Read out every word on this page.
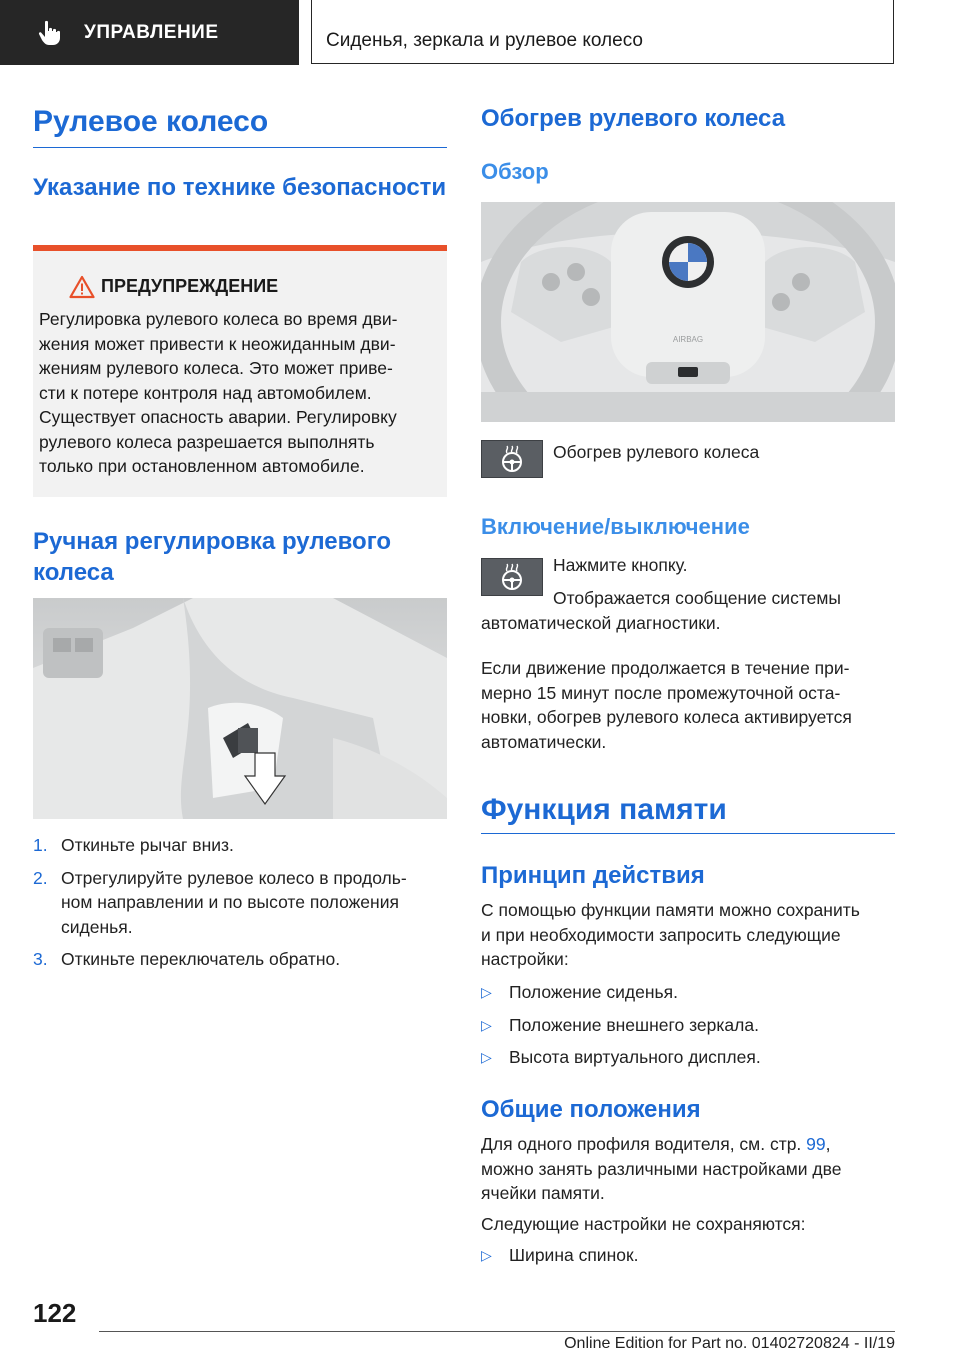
УПРАВЛЕНИЕ	Сиденья, зеркала и рулевое колесо
Рулевое колесо
Указание по технике безопасности
ПРЕДУПРЕЖДЕНИЕ
Регулировка рулевого колеса во время дви-
жения может привести к неожиданным дви-
жениям рулевого колеса. Это может приве-
сти к потере контроля над автомобилем.
Существует опасность аварии. Регулировку
рулевого колеса разрешается выполнять
только при остановленном автомобиле.
Ручная регулировка рулевого
колеса
1. Откиньте рычаг вниз.
2. Отрегулируйте рулевое колесо в продоль-
ном направлении и по высоте положения
сиденья.
3. Откиньте переключатель обратно.
Обогрев рулевого колеса
Обзор
AIRBAG
Обогрев рулевого колеса
Включение/выключение
Нажмите кнопку.
Отображается сообщение системы
автоматической диагностики.
Если движение продолжается в течение при-
мерно 15 минут после промежуточной оста-
новки, обогрев рулевого колеса активируется
автоматически.
Функция памяти
Принцип действия
С помощью функции памяти можно сохранить
и при необходимости запросить следующие
настройки:
▷ Положение сиденья.
▷ Положение внешнего зеркала.
▷ Высота виртуального дисплея.
Общие положения
Для одного профиля водителя, см. стр. 99,
можно занять различными настройками две
ячейки памяти.
Следующие настройки не сохраняются:
▷ Ширина спинок.
122
Online Edition for Part no. 01402720824 - II/19
